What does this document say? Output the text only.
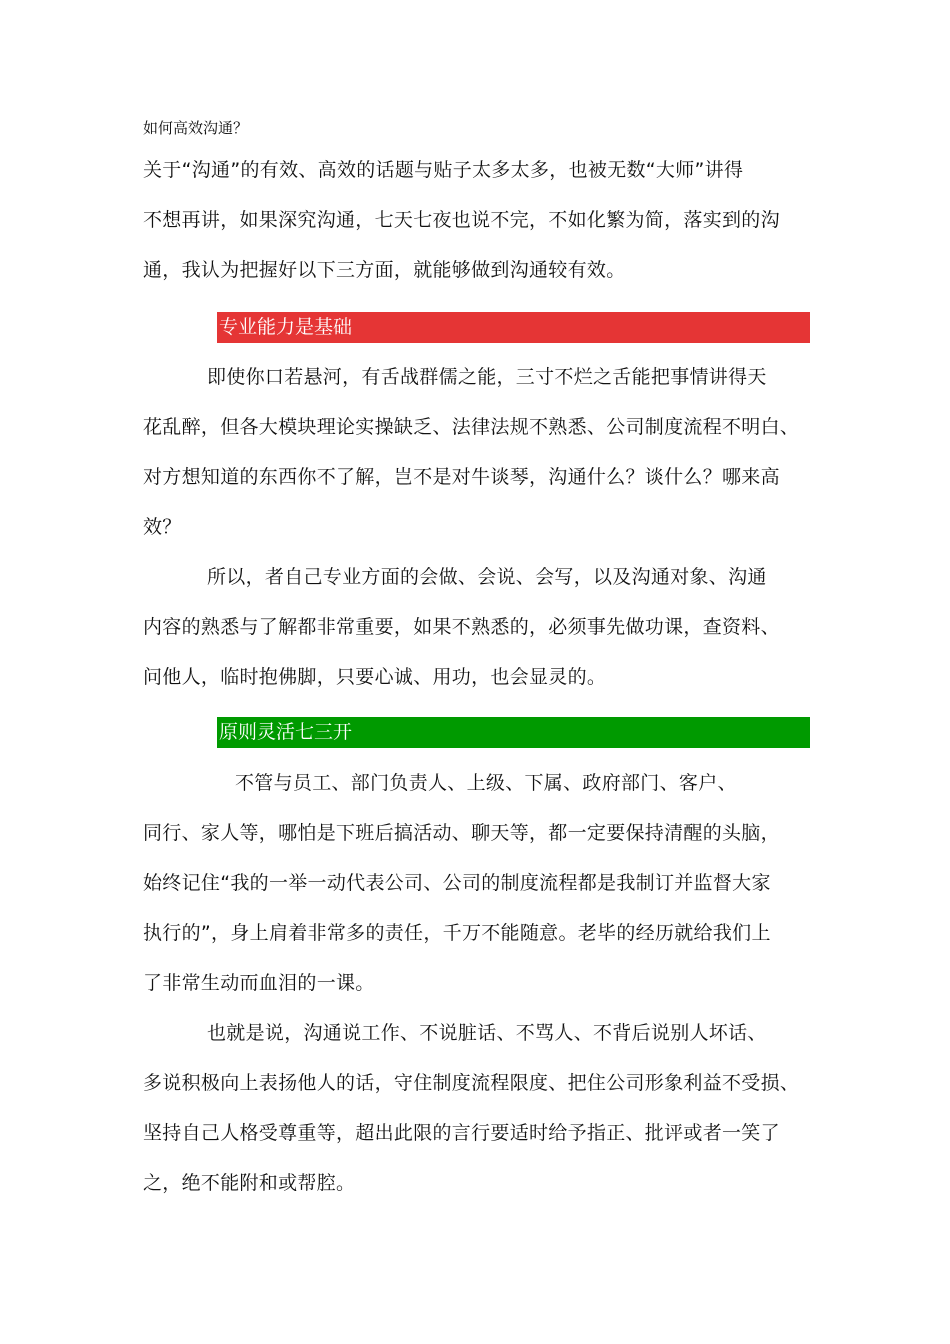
如何高效沟通？
关于“沟通”的有效、高效的话题与贴子太多太多，也被无数“大师”讲得
不想再讲，如果深究沟通，七天七夜也说不完，不如化繁为简，落实到的沟
通，我认为把握好以下三方面，就能够做到沟通较有效。
专业能力是基础
即使你口若悬河，有舌战群儒之能，三寸不烂之舌能把事情讲得天
花乱醉，但各大模块理论实操缺乏、法律法规不熟悉、公司制度流程不明白、
对方想知道的东西你不了解，岂不是对牛谈琴，沟通什么？谈什么？哪来高
效？
所以，者自己专业方面的会做、会说、会写，以及沟通对象、沟通
内容的熟悉与了解都非常重要，如果不熟悉的，必须事先做功课，查资料、
问他人，临时抱佛脚，只要心诚、用功，也会显灵的。
原则灵活七三开
不管与员工、部门负责人、上级、下属、政府部门、客户、
同行、家人等，哪怕是下班后搞活动、聊天等，都一定要保持清醒的头脑，
始终记住“我的一举一动代表公司、公司的制度流程都是我制订并监督大家
执行的”，身上肩着非常多的责任，千万不能随意。老毕的经历就给我们上
了非常生动而血泪的一课。
也就是说，沟通说工作、不说脏话、不骂人、不背后说别人坏话、
多说积极向上表扬他人的话，守住制度流程限度、把住公司形象利益不受损、
坚持自己人格受尊重等，超出此限的言行要适时给予指正、批评或者一笑了
之，绝不能附和或帮腔。
